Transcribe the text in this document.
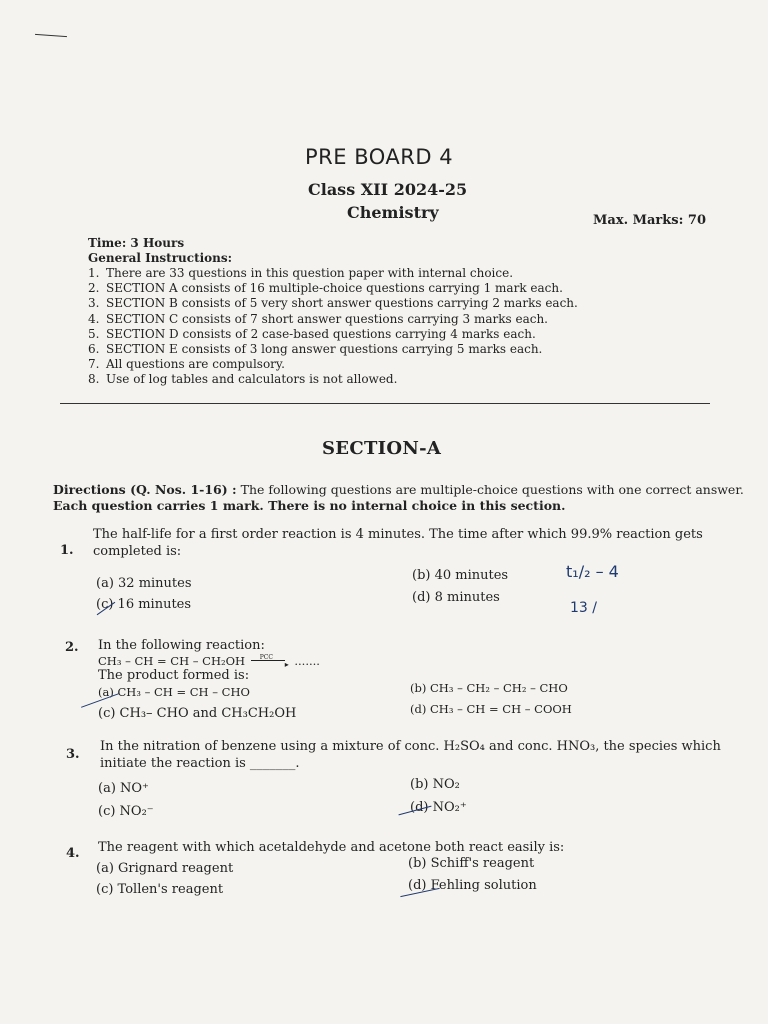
PRE BOARD 4
Class XII 2024-25
Chemistry	Max. Marks: 70
Time: 3 Hours
General Instructions:
1. There are 33 questions in this question paper with internal choice.
2. SECTION A consists of 16 multiple-choice questions carrying 1 mark each.
3. SECTION B consists of 5 very short answer questions carrying 2 marks each.
4. SECTION C consists of 7 short answer questions carrying 3 marks each.
5. SECTION D consists of 2 case-based questions carrying 4 marks each.
6. SECTION E consists of 3 long answer questions carrying 5 marks each.
7. All questions are compulsory.
8. Use of log tables and calculators is not allowed.
SECTION-A
Directions (Q. Nos. 1-16) : The following questions are multiple-choice questions with one correct answer.
Each question carries 1 mark. There is no internal choice in this section.
1.
The half-life for a first order reaction is 4 minutes. The time after which 99.9% reaction gets
completed is:
(a) 32 minutes
(b) 40 minutes
(c) 16 minutes	(d) 8 minutes
t₁/₂ – 4
13 /
2. In the following reaction:
CH₃ – CH = CH – CH₂OH	▸
PCC .......
The product formed is:
(a) CH₃ – CH = CH – CHO	(b) CH₃ – CH₂ – CH₂ – CHO
(c) CH₃– CHO and CH₃CH₂OH	(d) CH₃ – CH = CH – COOH
3.
In the nitration of benzene using a mixture of conc. H₂SO₄ and conc. HNO₃, the species which
initiate the reaction is _______.
(a) NO⁺	(b) NO₂
(c) NO₂⁻	(d) NO₂⁺
4. The reagent with which acetaldehyde and acetone both react easily is:
(a) Grignard reagent	(b) Schiff's reagent
(c) Tollen's reagent	(d) Fehling solution
